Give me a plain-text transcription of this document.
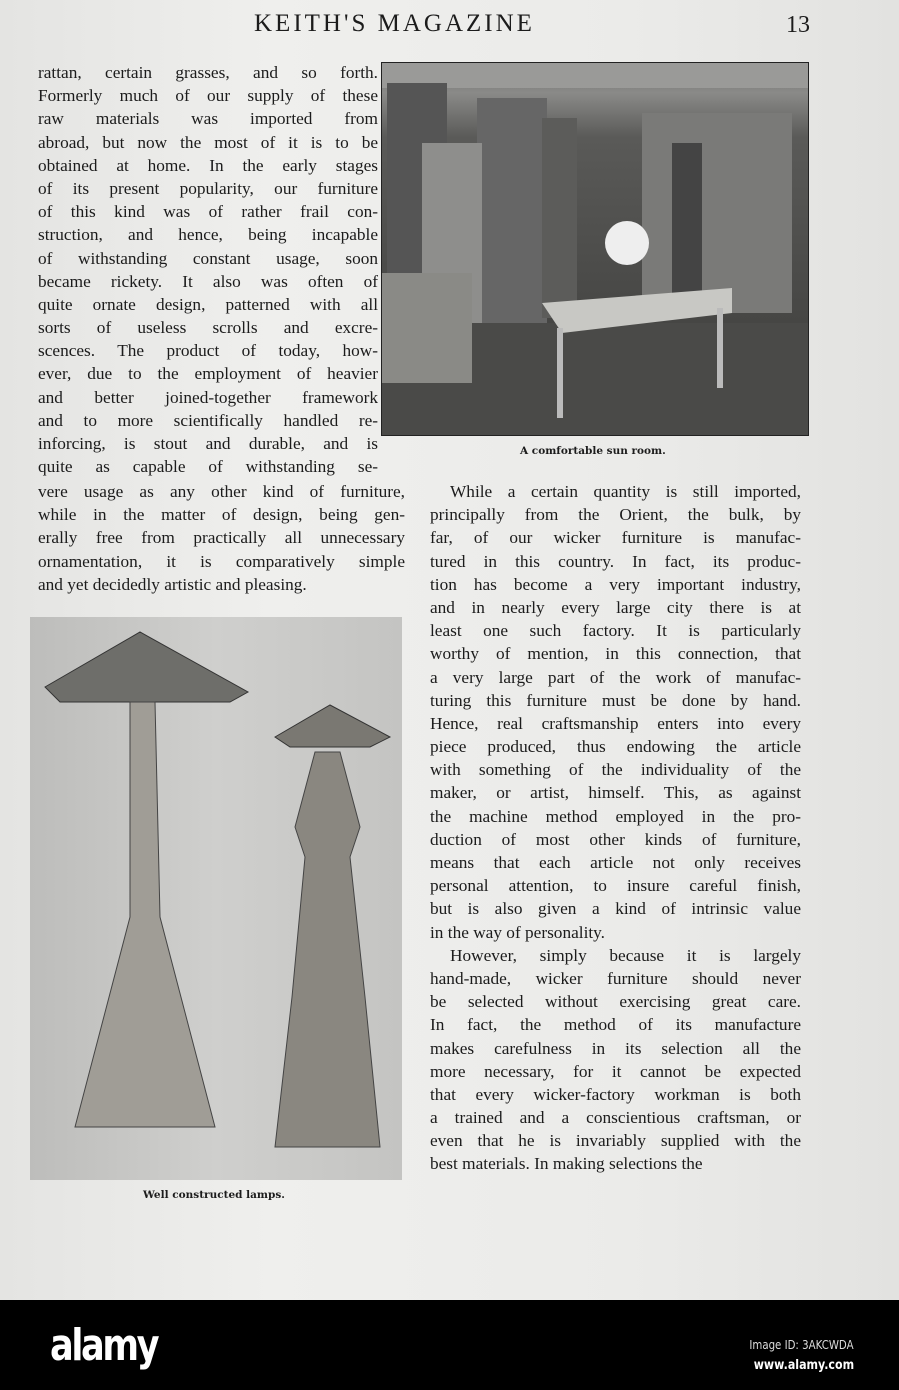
KEITH'S MAGAZINE	13
rattan, certain grasses, and so forth.
Formerly much of our supply of these
raw materials was imported from
abroad, but now the most of it is to be
obtained at home. In the early stages
of its present popularity, our furniture
of this kind was of rather frail con-
struction, and hence, being incapable
of withstanding constant usage, soon
became rickety. It also was often of
quite ornate design, patterned with all
sorts of useless scrolls and excre-
scences. The product of today, how-
ever, due to the employment of heavier
and better joined-together framework
and to more scientifically handled re-
inforcing, is stout and durable, and is
quite as capable of withstanding se-
vere usage as any other kind of furniture,
while in the matter of design, being gen-
erally free from practically all unnecessary
ornamentation, it is comparatively simple
and yet decidedly artistic and pleasing.
While a certain quantity is still imported,
principally from the Orient, the bulk, by
far, of our wicker furniture is manufac-
tured in this country. In fact, its produc-
tion has become a very important industry,
and in nearly every large city there is at
least one such factory. It is particularly
worthy of mention, in this connection, that
a very large part of the work of manufac-
turing this furniture must be done by hand.
Hence, real craftsmanship enters into every
piece produced, thus endowing the article
with something of the individuality of the
maker, or artist, himself. This, as against
the machine method employed in the pro-
duction of most other kinds of furniture,
means that each article not only receives
personal attention, to insure careful finish,
but is also given a kind of intrinsic value
in the way of personality.
However, simply because it is largely
hand-made, wicker furniture should never
be selected without exercising great care.
In fact, the method of its manufacture
makes carefulness in its selection all the
more necessary, for it cannot be expected
that every wicker-factory workman is both
a trained and a conscientious craftsman, or
even that he is invariably supplied with the
best materials. In making selections the
A comfortable sun room.
Well constructed lamps.
alamy	Image ID: 3AKCWDA
www.alamy.com
